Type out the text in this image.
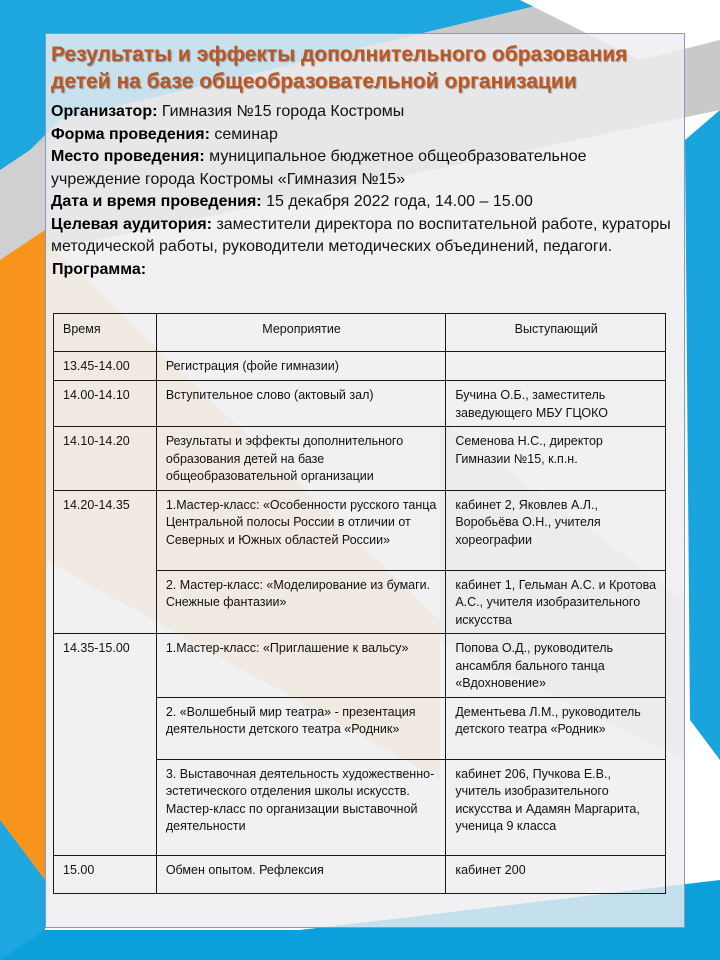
Результаты и эффекты дополнительного образования детей на базе общеобразовательной организации
Организатор: Гимназия №15 города Костромы
Форма проведения: семинар
Место проведения: муниципальное бюджетное общеобразовательное учреждение города Костромы «Гимназия №15»
Дата и время проведения: 15 декабря 2022 года, 14.00 – 15.00
Целевая аудитория: заместители директора по воспитательной работе, кураторы методической работы, руководители методических объединений, педагоги.
Программа:
Время	Мероприятие	Выступающий
13.45-14.00	Регистрация (фойе гимназии)	
14.00-14.10	Вступительное слово (актовый зал)	Бучина О.Б., заместитель заведующего МБУ ГЦОКО
14.10-14.20	Результаты и эффекты дополнительного образования детей на базе общеобразовательной организации	Семенова Н.С., директор Гимназии №15, к.п.н.
14.20-14.35	1.Мастер-класс: «Особенности русского танца Центральной полосы России в отличии от Северных и Южных областей России»	кабинет 2, Яковлев А.Л., Воробьёва О.Н., учителя хореографии
	2. Мастер-класс: «Моделирование из бумаги. Снежные фантазии»	кабинет 1, Гельман А.С. и Кротова А.С., учителя изобразительного искусства
14.35-15.00	1.Мастер-класс: «Приглашение к вальсу»	Попова О.Д., руководитель ансамбля бального танца «Вдохновение»
	2. «Волшебный мир театра» - презентация деятельности детского театра «Родник»	Дементьева Л.М., руководитель детского театра «Родник»
	3. Выставочная деятельность художественно-эстетического отделения школы искусств. Мастер-класс по организации выставочной деятельности	кабинет 206, Пучкова Е.В., учитель изобразительного искусства и Адамян Маргарита, ученица 9 класса
15.00	Обмен опытом. Рефлексия	кабинет 200
